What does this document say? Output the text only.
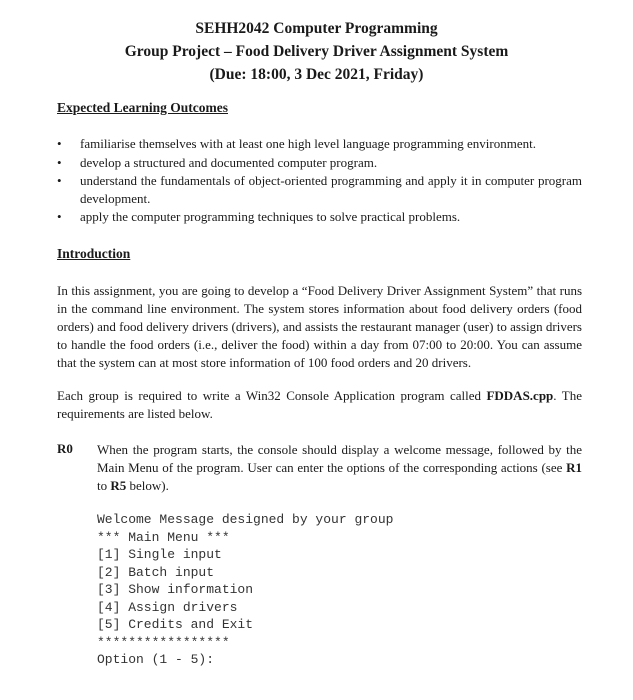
SEHH2042 Computer Programming
Group Project – Food Delivery Driver Assignment System
(Due: 18:00, 3 Dec 2021, Friday)
Expected Learning Outcomes
• familiarise themselves with at least one high level language programming environment.
• develop a structured and documented computer program.
• understand the fundamentals of object-oriented programming and apply it in computer program development.
• apply the computer programming techniques to solve practical problems.
Introduction

In this assignment, you are going to develop a “Food Delivery Driver Assignment System” that runs in the command line environment. The system stores information about food delivery orders (food orders) and food delivery drivers (drivers), and assists the restaurant manager (user) to assign drivers to handle the food orders (i.e., deliver the food) within a day from 07:00 to 20:00. You can assume that the system can at most store information of 100 food orders and 20 drivers.

Each group is required to write a Win32 Console Application program called FDDAS.cpp. The requirements are listed below.

R0 When the program starts, the console should display a welcome message, followed by the Main Menu of the program. User can enter the options of the corresponding actions (see R1 to R5 below).

Welcome Message designed by your group
*** Main Menu ***
[1] Single input
[2] Batch input
[3] Show information
[4] Assign drivers
[5] Credits and Exit
*****************
Option (1 - 5):
